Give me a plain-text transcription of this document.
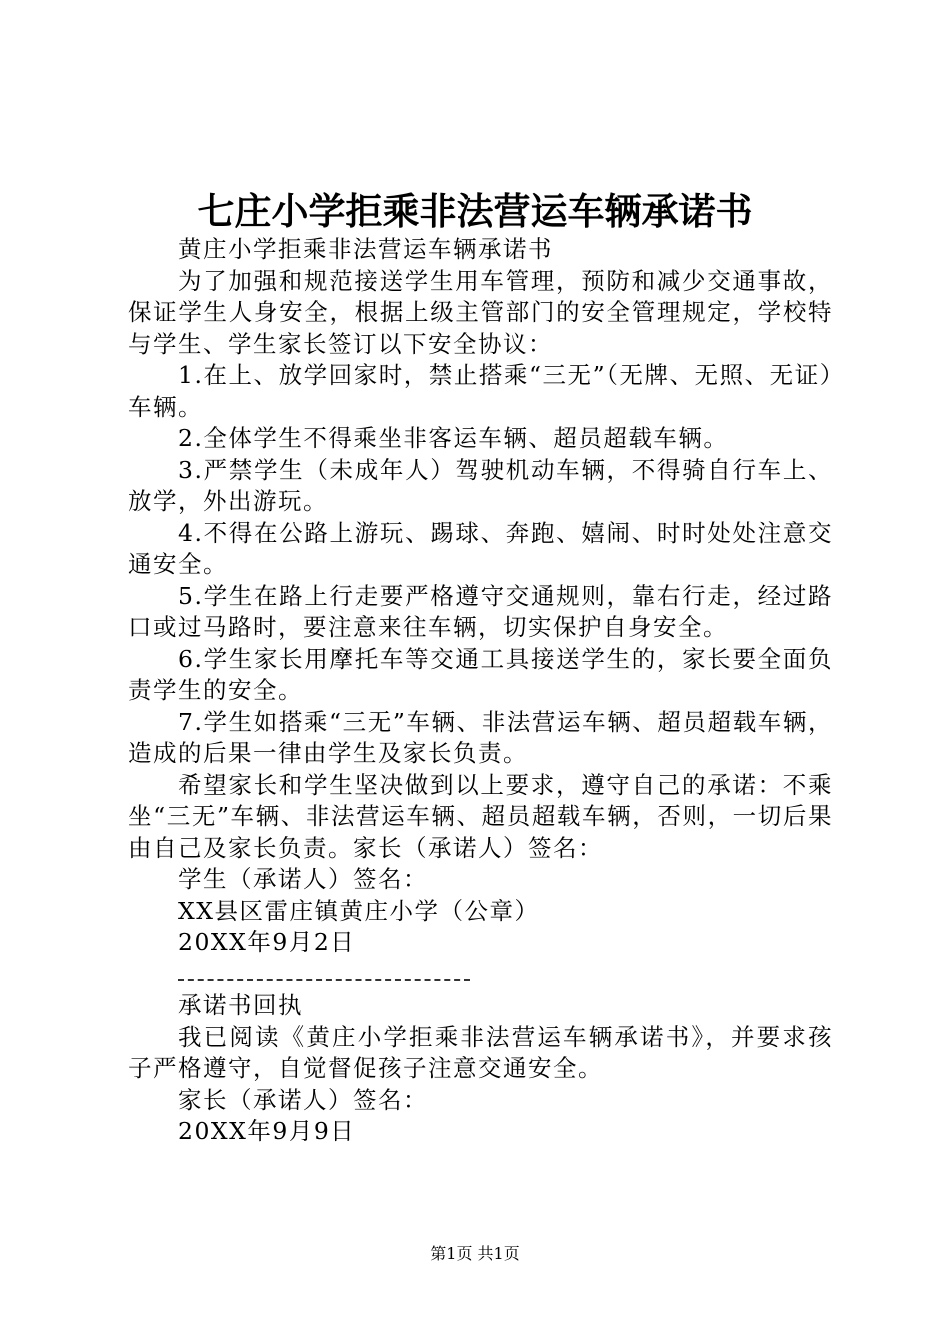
七庄小学拒乘非法营运车辆承诺书

黄庄小学拒乘非法营运车辆承诺书

为了加强和规范接送学生用车管理，预防和减少交通事故，保证学生人身安全，根据上级主管部门的安全管理规定，学校特与学生、学生家长签订以下安全协议：

1.在上、放学回家时，禁止搭乘“三无”（无牌、无照、无证）车辆。

2.全体学生不得乘坐非客运车辆、超员超载车辆。

3.严禁学生（未成年人）驾驶机动车辆，不得骑自行车上、放学，外出游玩。

4.不得在公路上游玩、踢球、奔跑、嬉闹、时时处处注意交通安全。

5.学生在路上行走要严格遵守交通规则，靠右行走，经过路口或过马路时，要注意来往车辆，切实保护自身安全。

6.学生家长用摩托车等交通工具接送学生的，家长要全面负责学生的安全。

7.学生如搭乘“三无”车辆、非法营运车辆、超员超载车辆，造成的后果一律由学生及家长负责。

希望家长和学生坚决做到以上要求，遵守自己的承诺：不乘坐“三无”车辆、非法营运车辆、超员超载车辆，否则，一切后果由自己及家长负责。家长（承诺人）签名：

学生（承诺人）签名：

XX县区雷庄镇黄庄小学（公章）

20XX年9月2日

承诺书回执

我已阅读《黄庄小学拒乘非法营运车辆承诺书》，并要求孩子严格遵守，自觉督促孩子注意交通安全。

家长（承诺人）签名：

20XX年9月9日

第1页 共1页
